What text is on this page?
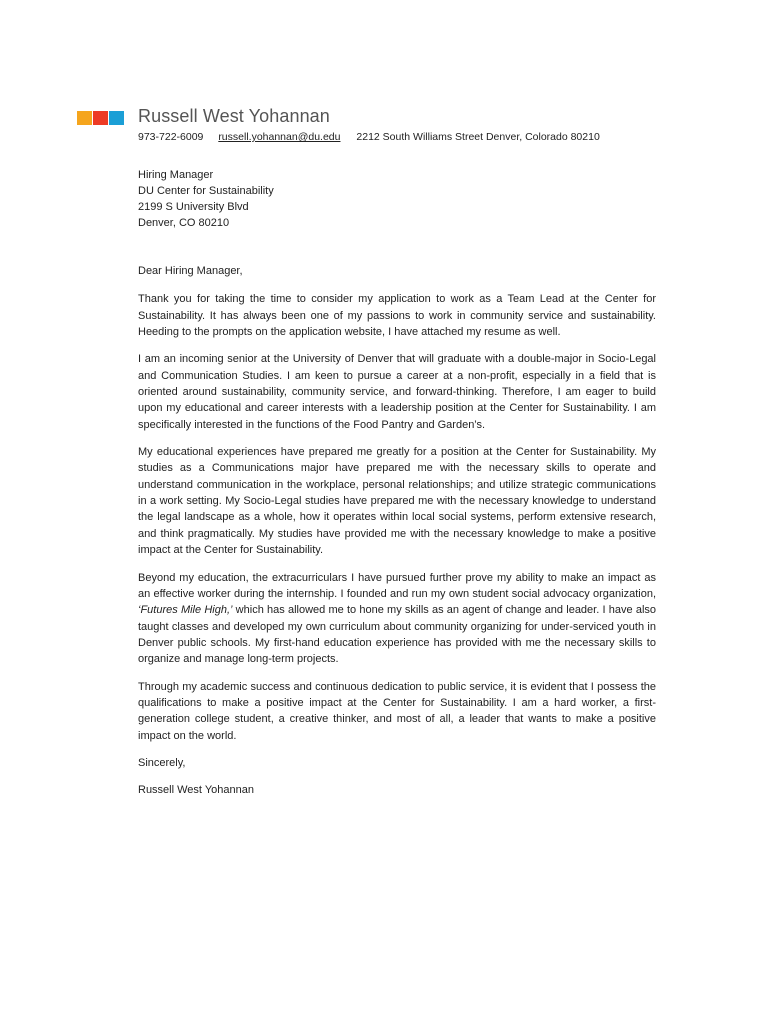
Russell West Yohannan
973-722-6009 russell.yohannan@du.edu 2212 South Williams Street Denver, Colorado 80210
Hiring Manager
DU Center for Sustainability
2199 S University Blvd
Denver, CO 80210

Dear Hiring Manager,

Thank you for taking the time to consider my application to work as a Team Lead at the Center for Sustainability. It has always been one of my passions to work in community service and sustainability. Heeding to the prompts on the application website, I have attached my resume as well.

I am an incoming senior at the University of Denver that will graduate with a double-major in Socio-Legal and Communication Studies. I am keen to pursue a career at a non-profit, especially in a field that is oriented around sustainability, community service, and forward-thinking. Therefore, I am eager to build upon my educational and career interests with a leadership position at the Center for Sustainability. I am specifically interested in the functions of the Food Pantry and Garden’s.

My educational experiences have prepared me greatly for a position at the Center for Sustainability. My studies as a Communications major have prepared me with the necessary skills to operate and understand communication in the workplace, personal relationships; and utilize strategic communications in a work setting. My Socio-Legal studies have prepared me with the necessary knowledge to understand the legal landscape as a whole, how it operates within local social systems, perform extensive research, and think pragmatically. My studies have provided me with the necessary knowledge to make a positive impact at the Center for Sustainability.

Beyond my education, the extracurriculars I have pursued further prove my ability to make an impact as an effective worker during the internship. I founded and run my own student social advocacy organization, ‘Futures Mile High,’ which has allowed me to hone my skills as an agent of change and leader. I have also taught classes and developed my own curriculum about community organizing for under-serviced youth in Denver public schools. My first-hand education experience has provided with me the necessary skills to organize and manage long-term projects.

Through my academic success and continuous dedication to public service, it is evident that I possess the qualifications to make a positive impact at the Center for Sustainability. I am a hard worker, a first-generation college student, a creative thinker, and most of all, a leader that wants to make a positive impact on the world.

Sincerely,

Russell West Yohannan
